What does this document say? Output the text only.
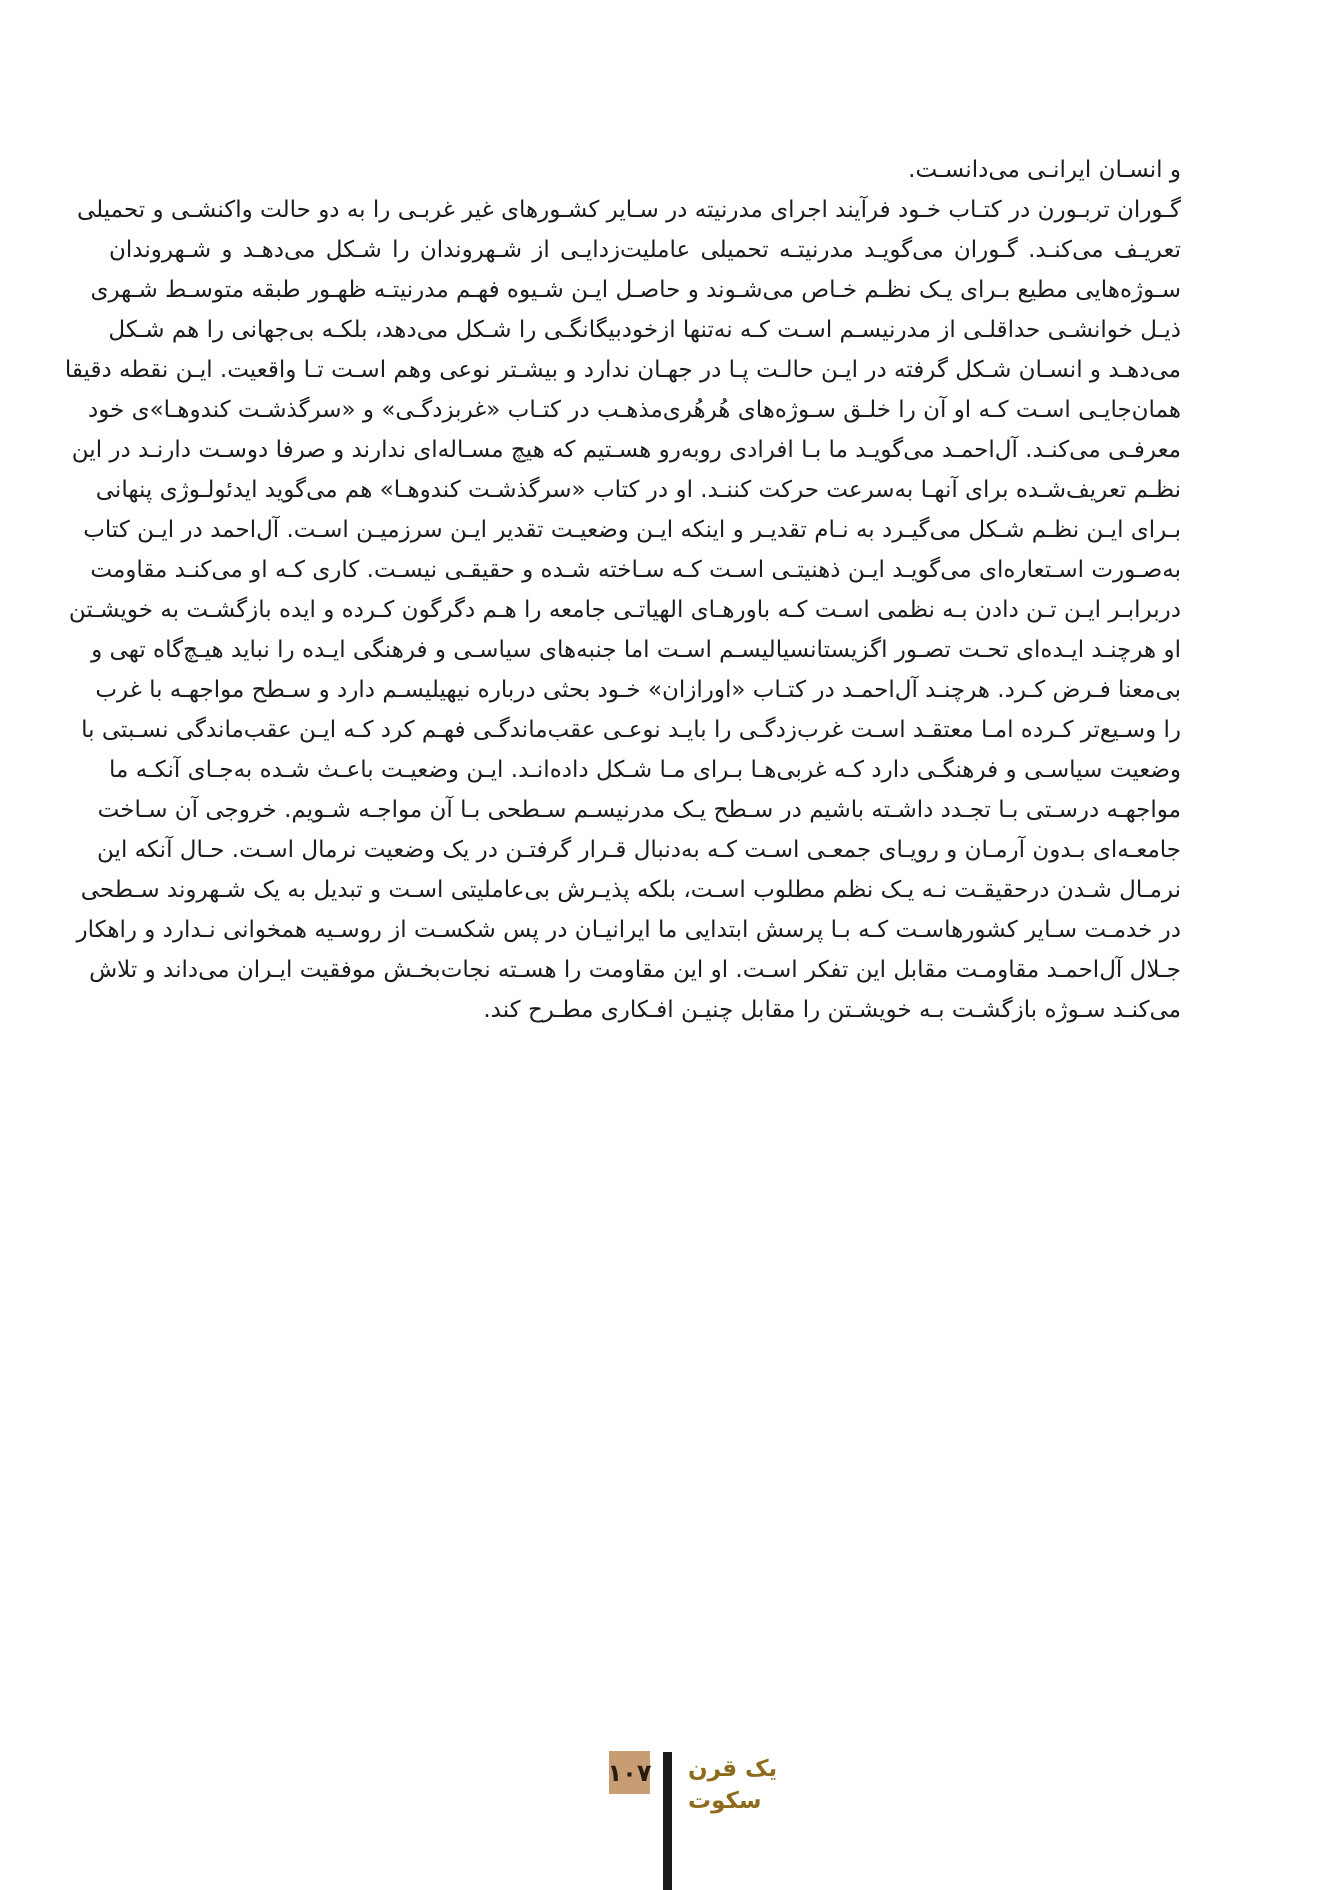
و انسـان ایرانـی می‌دانسـت.
گـوران تربـورن در کتـاب خـود فرآیند اجرای مدرنیته در سـایر کشـورهای غیر غربـی را به دو حالت واکنشـی و تحمیلی
تعریـف می‌کنـد. گـوران می‌گویـد مدرنیتـه تحمیلی عاملیت‌زدایـی از شـهروندان را شـکل می‌دهـد و شـهروندان
سـوژه‌هایی مطیع بـرای یـک نظـم خـاص می‌شـوند و حاصـل ایـن شـیوه فهـم مدرنیتـه ظهـور طبقه متوسـط شـهری
ذیـل خوانشـی حداقلـی از مدرنیسـم اسـت کـه نه‌تنها ازخودبیگانگـی را شـکل می‌دهد، بلکـه بی‌جهانی را هم شـکل
می‌دهـد و انسـان شـکل گرفته در ایـن حالـت پـا در جهـان ندارد و بیشـتر نوعی وهم اسـت تـا واقعیت. ایـن نقطه دقیقا
همان‌جایـی اسـت کـه او آن را خلـق سـوژه‌های هُرهُری‌مذهـب در کتـاب «غربزدگـی» و «سرگذشـت کندوهـا»ی خود
معرفـی می‌کنـد. آل‌احمـد می‌گویـد ما بـا افرادی روبه‌رو هسـتیم که هیچ مسـاله‌ای ندارند و صرفا دوسـت دارنـد در این
نظـم تعریف‌شـده برای آنهـا به‌سرعت حرکت کننـد. او در کتاب «سرگذشـت کندوهـا» هم می‌گوید ایدئولـوژی پنهانی
بـرای ایـن نظـم شـکل می‌گیـرد به نـام تقدیـر و اینکه ایـن وضعیـت تقدیر ایـن سرزمیـن اسـت. آل‌احمد در ایـن کتاب
به‌صـورت اسـتعاره‌ای می‌گویـد ایـن ذهنیتـی اسـت کـه سـاخته شـده و حقیقـی نیسـت. کاری کـه او می‌کنـد مقاومت
دربرابـر ایـن تـن دادن بـه نظمی اسـت کـه باورهـای الهیاتـی جامعه را هـم دگرگون کـرده و ایده بازگشـت به خویشـتن
او هرچنـد ایـده‌ای تحـت تصـور اگزیستانسیالیسـم اسـت اما جنبه‌های سیاسـی و فرهنگی ایـده را نباید هیـچ‌گاه تهی و
بی‌معنا فـرض کـرد. هرچنـد آل‌احمـد در کتـاب «اورازان» خـود بحثی درباره نیهیلیسـم دارد و سـطح مواجهـه با غرب
را وسـیع‌تر کـرده امـا معتقـد اسـت غرب‌زدگـی را بایـد نوعـی عقب‌ماندگـی فهـم کرد کـه ایـن عقب‌ماندگی نسـبتی با
وضعیت سیاسـی و فرهنگـی دارد کـه غربی‌هـا بـرای مـا شـکل داده‌انـد. ایـن وضعیـت باعـث شـده به‌جـای آنکـه ما
مواجهـه درسـتی بـا تجـدد داشـته باشیم در سـطح یـک مدرنیسـم سـطحی بـا آن مواجـه شـویم. خروجی آن سـاخت
جامعـه‌ای بـدون آرمـان و رویـای جمعـی اسـت کـه به‌دنبال قـرار گرفتـن در یک وضعیت نرمال اسـت. حـال آنکه این
نرمـال شـدن درحقیقـت نـه یـک نظم مطلوب اسـت، بلکه پذیـرش بی‌عاملیتی اسـت و تبدیل به یک شـهروند سـطحی
در خدمـت سـایر کشورهاسـت کـه بـا پرسش ابتدایی ما ایرانیـان در پس شکسـت از روسـیه همخوانی نـدارد و راهکار
جـلال آل‌احمـد مقاومـت مقابل این تفکر اسـت. او این مقاومت را هسـته نجات‌بخـش موفقیت ایـران می‌داند و تلاش
می‌کنـد سـوژه بازگشـت بـه خویشـتن را مقابل چنیـن افـکاری مطـرح کند.
۱۰۷ یک قرن
سکوت
